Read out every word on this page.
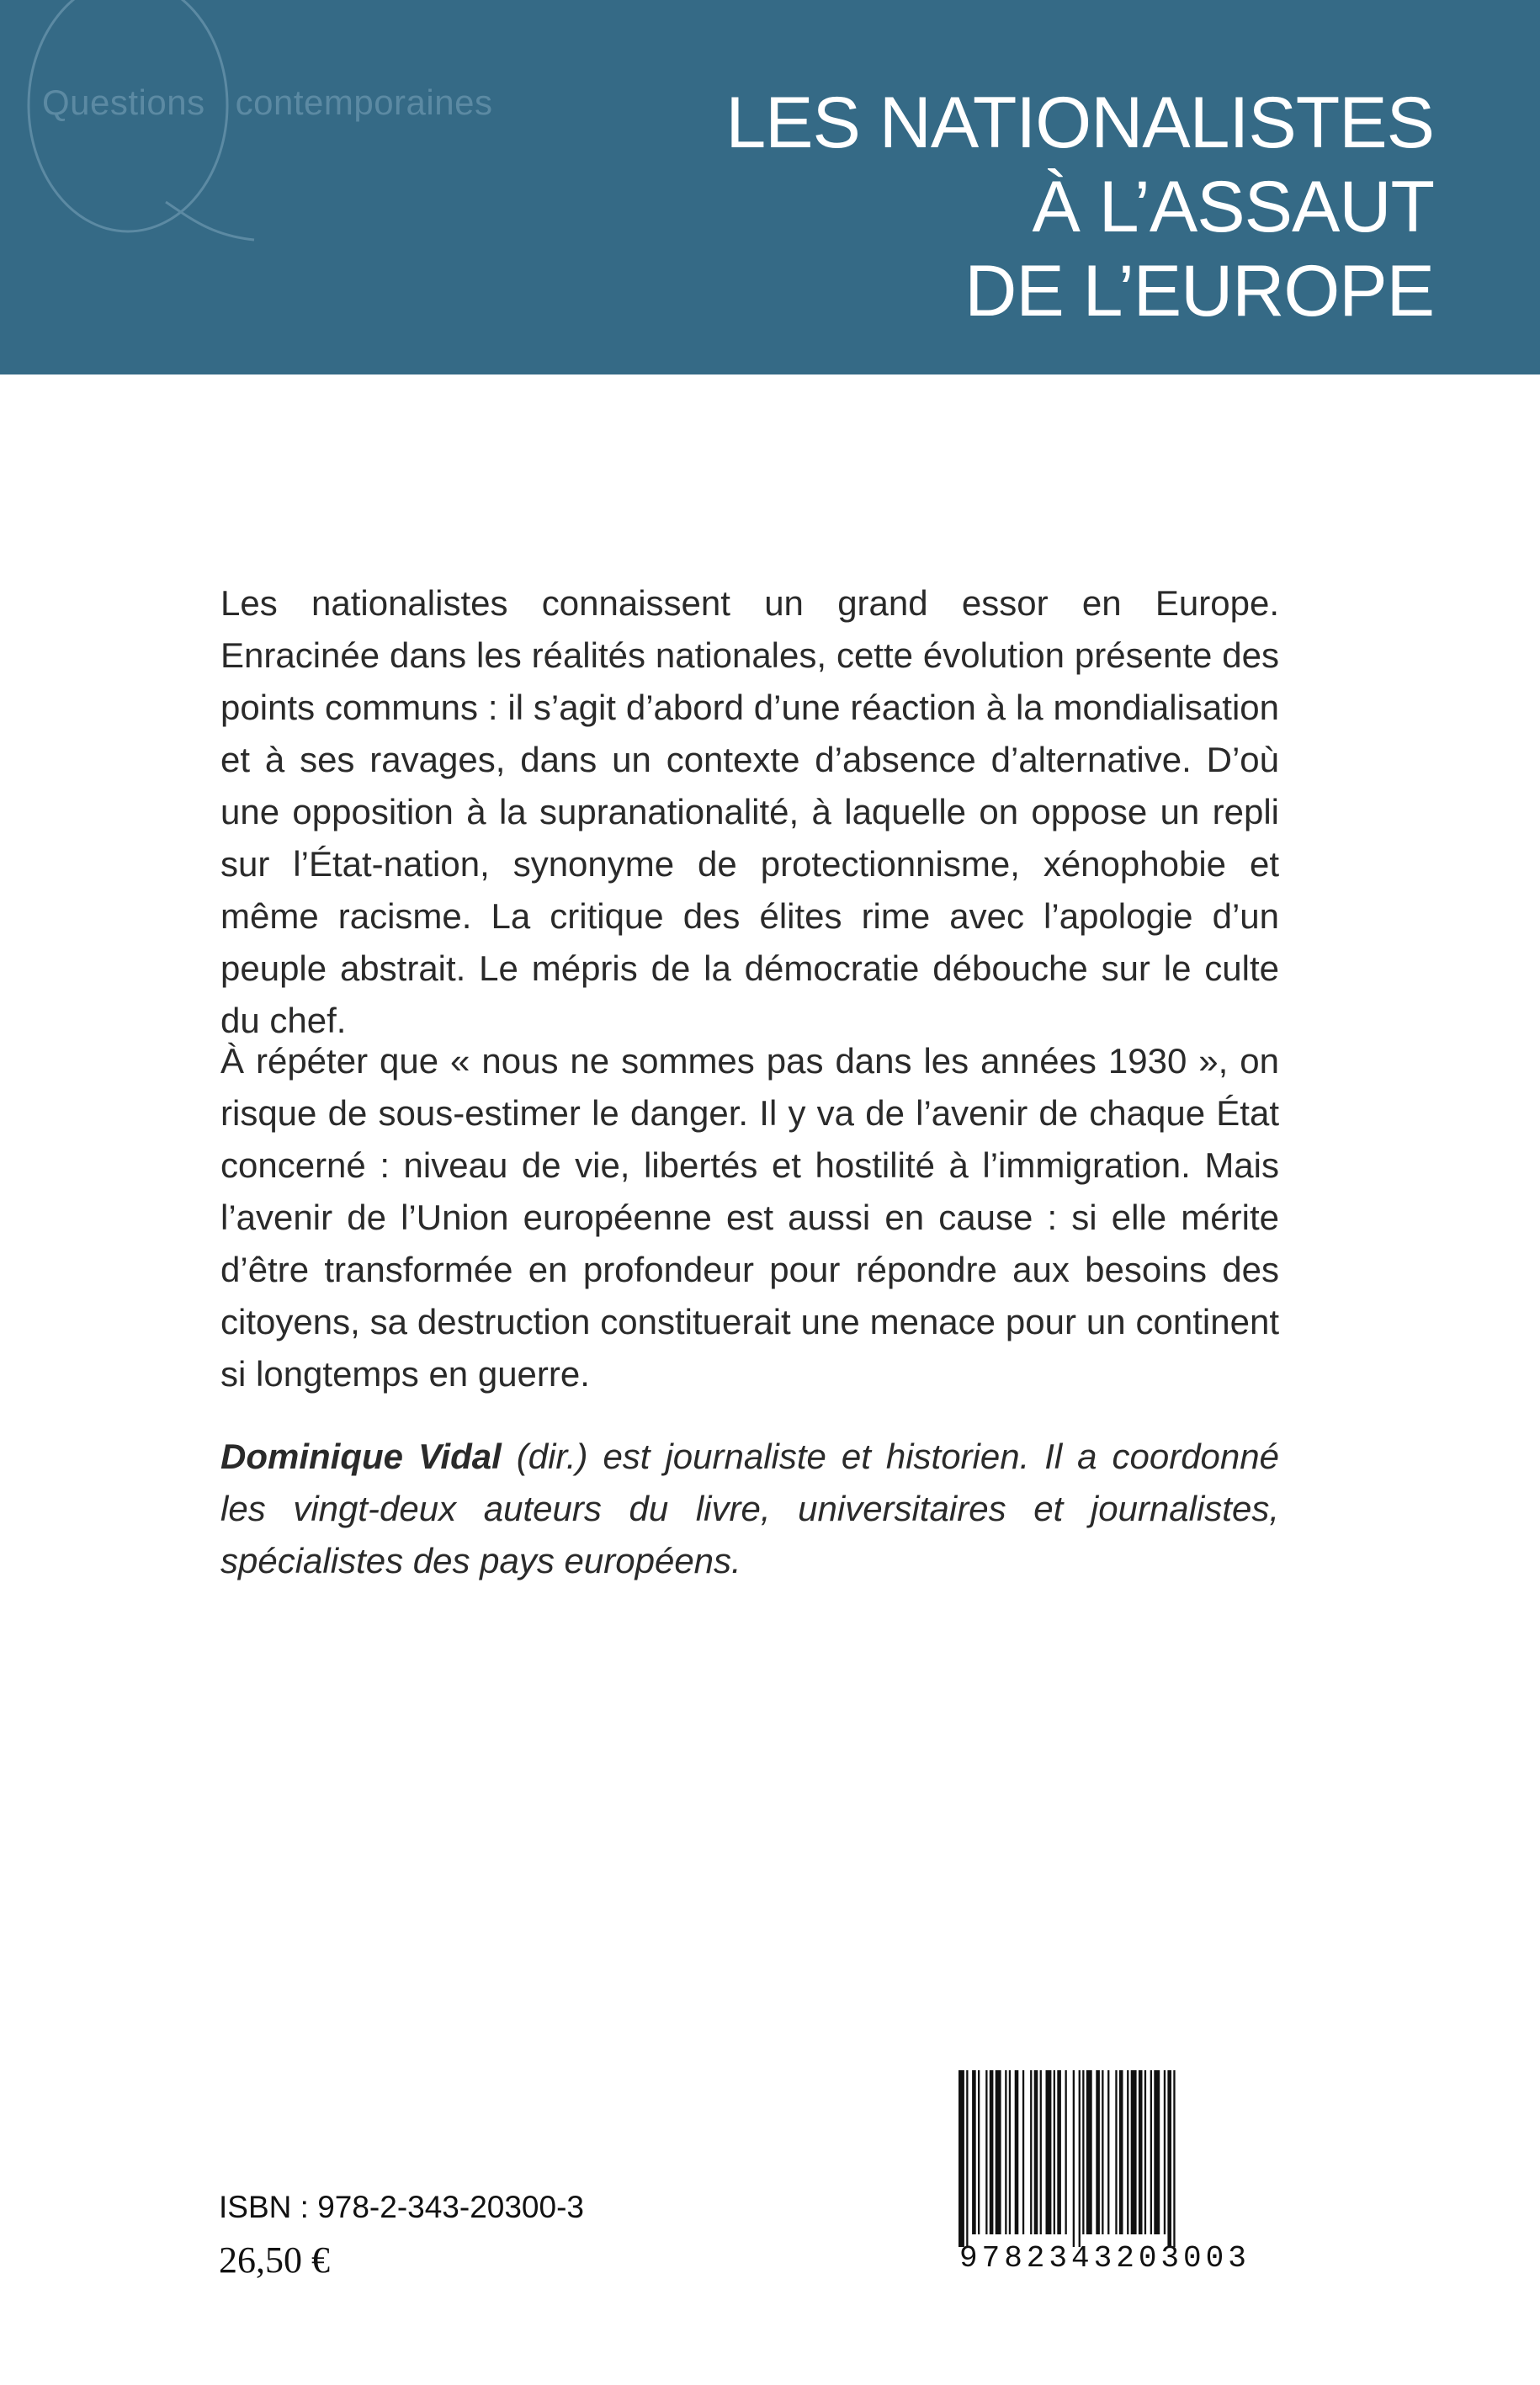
Questions contemporaines	LES NATIONALISTES
À L’ASSAUT
DE L’EUROPE

Les nationalistes connaissent un grand essor en Europe. Enracinée dans les réalités nationales, cette évolution présente des points communs : il s’agit d’abord d’une réaction à la mondialisation et à ses ravages, dans un contexte d’absence d’alternative. D’où une opposition à la supranationalité, à laquelle on oppose un repli sur l’État-nation, synonyme de protectionnisme, xénophobie et même racisme. La critique des élites rime avec l’apologie d’un peuple abstrait. Le mépris de la démocratie débouche sur le culte du chef.

À répéter que « nous ne sommes pas dans les années 1930 », on risque de sous-estimer le danger. Il y va de l’avenir de chaque État concerné : niveau de vie, libertés et hostilité à l’immigration. Mais l’avenir de l’Union européenne est aussi en cause : si elle mérite d’être transformée en profondeur pour répondre aux besoins des citoyens, sa destruction constituerait une menace pour un continent si longtemps en guerre.

Dominique Vidal (dir.) est journaliste et historien. Il a coordonné les vingt-deux auteurs du livre, universitaires et journalistes, spécialistes des pays européens.

ISBN : 978-2-343-20300-3
26,50 €	9782343203003
